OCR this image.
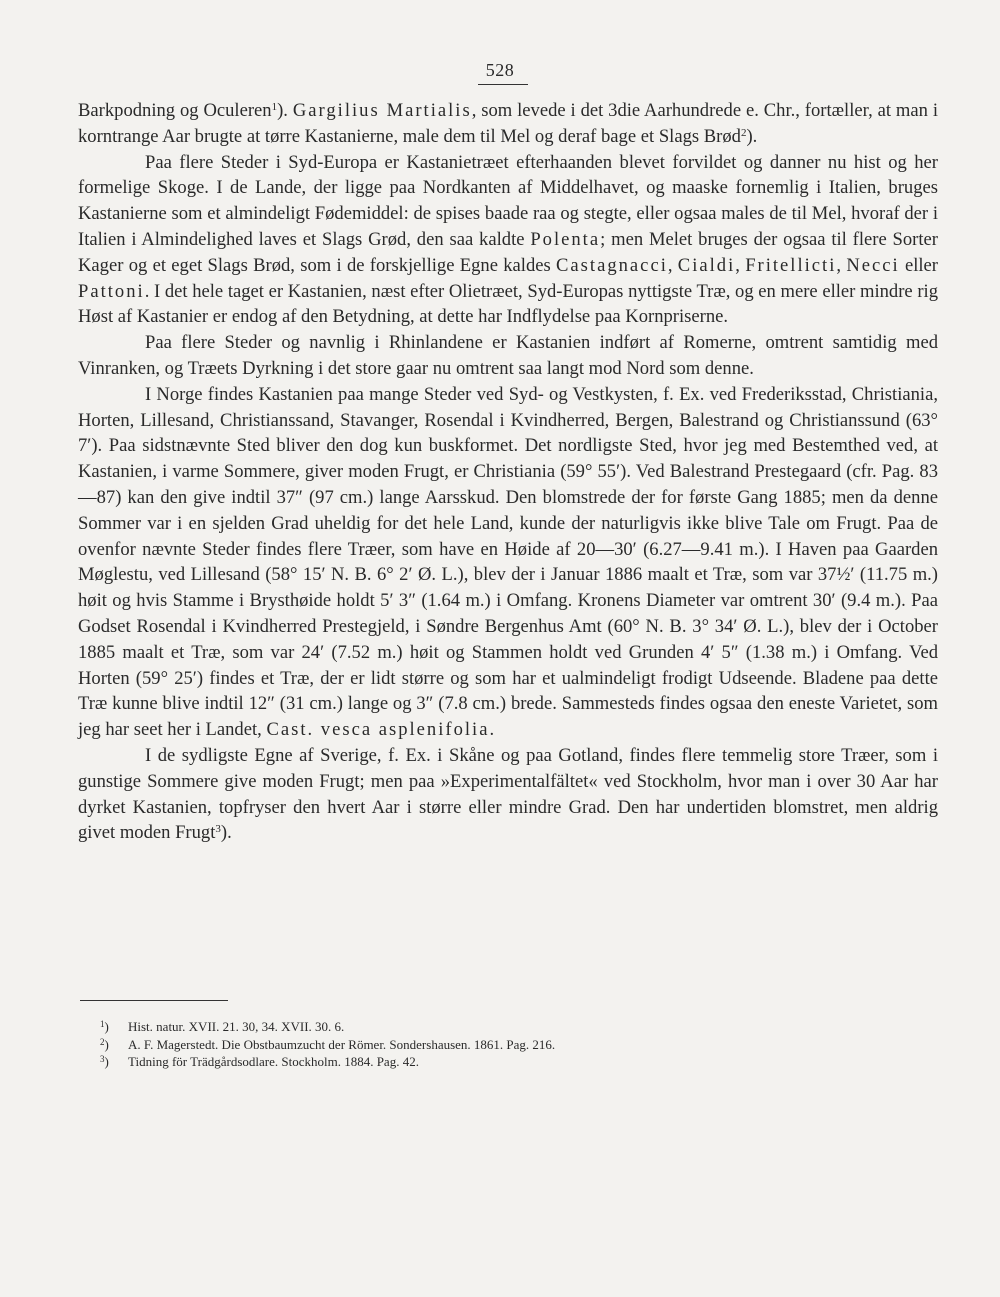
528

Barkpodning og Oculeren$^1$). Gargilius Martialis, som levede i det 3die Aarhundrede e. Chr., fortæller, at man i korntrange Aar brugte at tørre Kastanierne, male dem til Mel og deraf bage et Slags Brød$^2$).

Paa flere Steder i Syd-Europa er Kastanietræet efterhaanden blevet forvildet og danner nu hist og her formelige Skoge. I de Lande, der ligge paa Nordkanten af Middelhavet, og maaske fornemlig i Italien, bruges Kastanierne som et almindeligt Fødemiddel: de spises baade raa og stegte, eller ogsaa males de til Mel, hvoraf der i Italien i Almindelighed laves et Slags Grød, den saa kaldte Polenta; men Melet bruges der ogsaa til flere Sorter Kager og et eget Slags Brød, som i de forskjellige Egne kaldes Castagnacci, Cialdi, Fritellicti, Necci eller Pattoni. I det hele taget er Kastanien, næst efter Olietræet, Syd-Europas nyttigste Træ, og en mere eller mindre rig Høst af Kastanier er endog af den Betydning, at dette har Indflydelse paa Kornpriserne.

Paa flere Steder og navnlig i Rhinlandene er Kastanien indført af Romerne, omtrent samtidig med Vinranken, og Træets Dyrkning i det store gaar nu omtrent saa langt mod Nord som denne.

I Norge findes Kastanien paa mange Steder ved Syd- og Vestkysten, f. Ex. ved Frederiksstad, Christiania, Horten, Lillesand, Christianssand, Stavanger, Rosendal i Kvindherred, Bergen, Balestrand og Christianssund (63° 7′). Paa sidstnævnte Sted bliver den dog kun buskformet. Det nordligste Sted, hvor jeg med Bestemthed ved, at Kastanien, i varme Sommere, giver moden Frugt, er Christiania (59° 55′). Ved Balestrand Prestegaard (cfr. Pag. 83—87) kan den give indtil 37″ (97 cm.) lange Aarsskud. Den blomstrede der for første Gang 1885; men da denne Sommer var i en sjelden Grad uheldig for det hele Land, kunde der naturligvis ikke blive Tale om Frugt. Paa de ovenfor nævnte Steder findes flere Træer, som have en Høide af 20—30′ (6.27—9.41 m.). I Haven paa Gaarden Møglestu, ved Lillesand (58° 15′ N. B. 6° 2′ Ø. L.), blev der i Januar 1886 maalt et Træ, som var 37½′ (11.75 m.) høit og hvis Stamme i Brysthøide holdt 5′ 3″ (1.64 m.) i Omfang. Kronens Diameter var omtrent 30′ (9.4 m.). Paa Godset Rosendal i Kvindherred Prestegjeld, i Søndre Bergenhus Amt (60° N. B. 3° 34′ Ø. L.), blev der i October 1885 maalt et Træ, som var 24′ (7.52 m.) høit og Stammen holdt ved Grunden 4′ 5″ (1.38 m.) i Omfang. Ved Horten (59° 25′) findes et Træ, der er lidt større og som har et ualmindeligt frodigt Udseende. Bladene paa dette Træ kunne blive indtil 12″ (31 cm.) lange og 3″ (7.8 cm.) brede. Sammesteds findes ogsaa den eneste Varietet, som jeg har seet her i Landet, Cast. vesca asplenifolia.

I de sydligste Egne af Sverige, f. Ex. i Skåne og paa Gotland, findes flere temmelig store Træer, som i gunstige Sommere give moden Frugt; men paa »Experimentalfältet« ved Stockholm, hvor man i over 30 Aar har dyrket Kastanien, topfryser den hvert Aar i større eller mindre Grad. Den har undertiden blomstret, men aldrig givet moden Frugt$^3$).

$^1$) Hist. natur. XVII. 21. 30, 34. XVII. 30. 6.
$^2$) A. F. Magerstedt. Die Obstbaumzucht der Römer. Sondershausen. 1861. Pag. 216.
$^3$) Tidning för Trädgårdsodlare. Stockholm. 1884. Pag. 42.
